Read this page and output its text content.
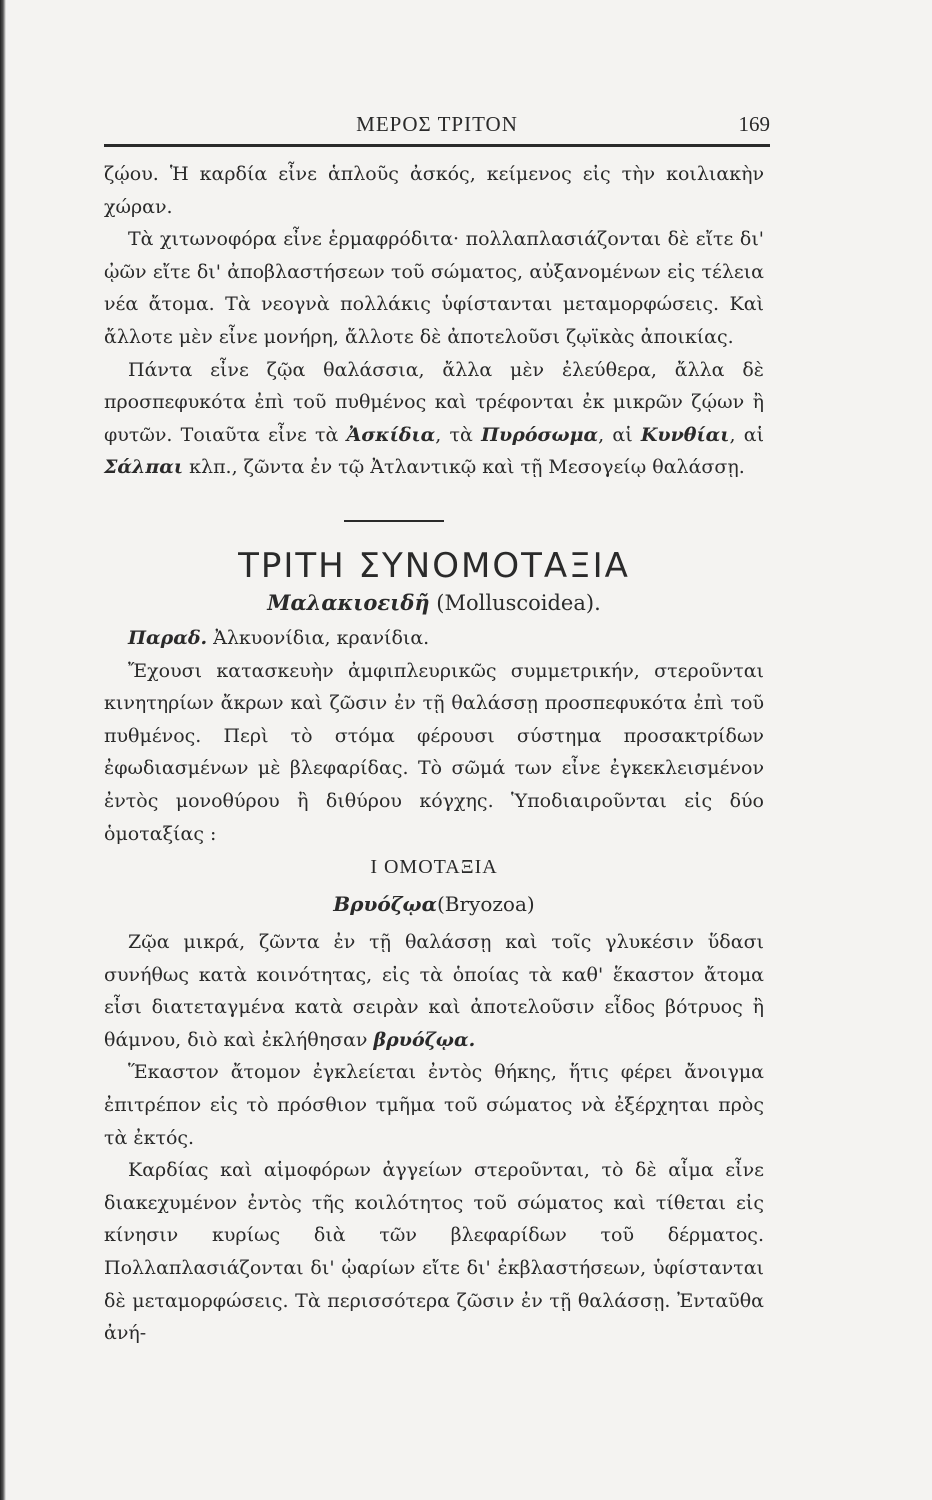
ΜΕΡΟΣ ΤΡΙΤΟΝ	169

ζῴου. Ἡ καρδία εἶνε ἁπλοῦς ἀσκός, κείμενος εἰς τὴν κοιλιακὴν χώραν.

Τὰ χιτωνοφόρα εἶνε ἑρμαφρόδιτα· πολλαπλασιάζονται δὲ εἴτε δι' ᾠῶν εἴτε δι' ἀποβλαστήσεων τοῦ σώματος, αὐξανομένων εἰς τέλεια νέα ἄτομα. Τὰ νεογνὰ πολλάκις ὑφίστανται μεταμορφώσεις. Καὶ ἄλλοτε μὲν εἶνε μονήρη, ἄλλοτε δὲ ἀποτελοῦσι ζῳϊκὰς ἀποικίας.

Πάντα εἶνε ζῷα θαλάσσια, ἄλλα μὲν ἐλεύθερα, ἄλλα δὲ προσπεφυκότα ἐπὶ τοῦ πυθμένος καὶ τρέφονται ἐκ μικρῶν ζῴων ἢ φυτῶν. Τοιαῦτα εἶνε τὰ Ἀσκίδια, τὰ Πυρόσωμα, αἱ Κυνθίαι, αἱ Σάλπαι κλπ., ζῶντα ἐν τῷ Ἀτλαντικῷ καὶ τῇ Μεσογείῳ θαλάσσῃ.

ΤΡΙΤΗ ΣΥΝΟΜΟΤΑΞΙΑ
Μαλακιοειδῆ (Molluscoidea).

Παραδ. Ἀλκυονίδια, κρανίδια.

Ἔχουσι κατασκευὴν ἀμφιπλευρικῶς συμμετρικήν, στεροῦνται κινητηρίων ἄκρων καὶ ζῶσιν ἐν τῇ θαλάσσῃ προσπεφυκότα ἐπὶ τοῦ πυθμένος. Περὶ τὸ στόμα φέρουσι σύστημα προσακτρίδων ἐφωδιασμένων μὲ βλεφαρίδας. Τὸ σῶμά των εἶνε ἐγκεκλεισμένον ἐντὸς μονοθύρου ἢ διθύρου κόγχης. Ὑποδιαιροῦνται εἰς δύο ὁμοταξίας :

Ι ΟΜΟΤΑΞΙΑ
Βρυόζῳα(Bryozoa)

Ζῷα μικρά, ζῶντα ἐν τῇ θαλάσσῃ καὶ τοῖς γλυκέσιν ὕδασι συνήθως κατὰ κοινότητας, εἰς τὰ ὁποίας τὰ καθ' ἕκαστον ἄτομα εἶσι διατεταγμένα κατὰ σειρὰν καὶ ἀποτελοῦσιν εἶδος βότρυος ἢ θάμνου, διὸ καὶ ἐκλήθησαν βρυόζῳα.

Ἕκαστον ἄτομον ἐγκλείεται ἐντὸς θήκης, ἥτις φέρει ἄνοιγμα ἐπιτρέπον εἰς τὸ πρόσθιον τμῆμα τοῦ σώματος νὰ ἐξέρχηται πρὸς τὰ ἐκτός.

Καρδίας καὶ αἱμοφόρων ἀγγείων στεροῦνται, τὸ δὲ αἷμα εἶνε διακεχυμένον ἐντὸς τῆς κοιλότητος τοῦ σώματος καὶ τίθεται εἰς κίνησιν κυρίως διὰ τῶν βλεφαρίδων τοῦ δέρματος. Πολλαπλασιάζονται δι' ᾠαρίων εἴτε δι' ἐκβλαστήσεων, ὑφίστανται δὲ μεταμορφώσεις. Τὰ περισσότερα ζῶσιν ἐν τῇ θαλάσσῃ. Ἐνταῦθα ἀνή-
